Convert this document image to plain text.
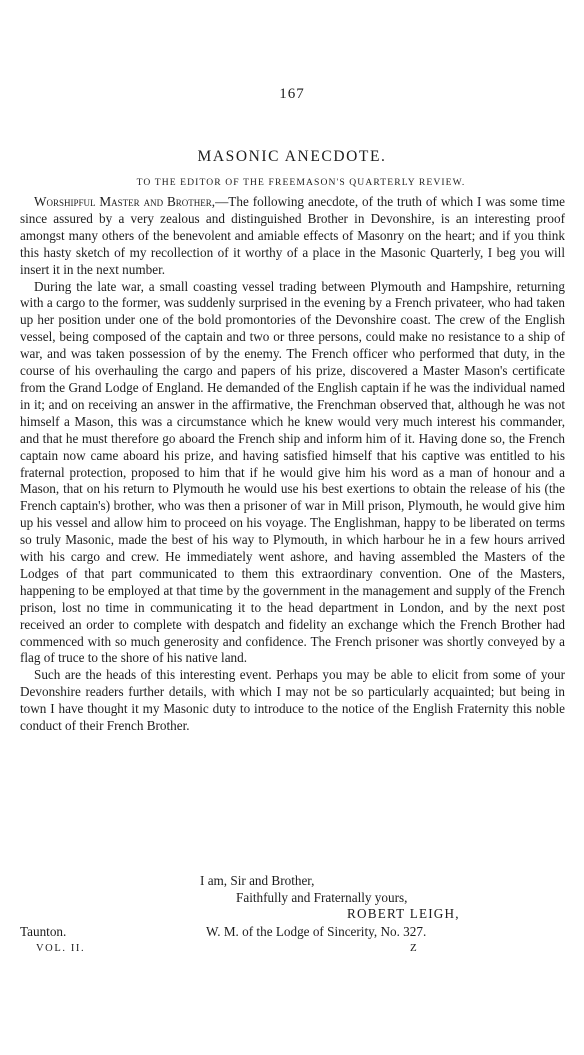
167
MASONIC ANECDOTE.
TO THE EDITOR OF THE FREEMASON'S QUARTERLY REVIEW.

Worshipful Master and Brother,—The following anecdote, of the truth of which I was some time since assured by a very zealous and distinguished Brother in Devonshire, is an interesting proof amongst many others of the benevolent and amiable effects of Masonry on the heart; and if you think this hasty sketch of my recollection of it worthy of a place in the Masonic Quarterly, I beg you will insert it in the next number.

During the late war, a small coasting vessel trading between Plymouth and Hampshire, returning with a cargo to the former, was suddenly surprised in the evening by a French privateer, who had taken up her position under one of the bold promontories of the Devonshire coast. The crew of the English vessel, being composed of the captain and two or three persons, could make no resistance to a ship of war, and was taken possession of by the enemy. The French officer who performed that duty, in the course of his overhauling the cargo and papers of his prize, discovered a Master Mason's certificate from the Grand Lodge of England. He demanded of the English captain if he was the individual named in it; and on receiving an answer in the affirmative, the Frenchman observed that, although he was not himself a Mason, this was a circumstance which he knew would very much interest his commander, and that he must therefore go aboard the French ship and inform him of it. Having done so, the French captain now came aboard his prize, and having satisfied himself that his captive was entitled to his fraternal protection, proposed to him that if he would give him his word as a man of honour and a Mason, that on his return to Plymouth he would use his best exertions to obtain the release of his (the French captain's) brother, who was then a prisoner of war in Mill prison, Plymouth, he would give him up his vessel and allow him to proceed on his voyage. The Englishman, happy to be liberated on terms so truly Masonic, made the best of his way to Plymouth, in which harbour he in a few hours arrived with his cargo and crew. He immediately went ashore, and having assembled the Masters of the Lodges of that part communicated to them this extraordinary convention. One of the Masters, happening to be employed at that time by the government in the management and supply of the French prison, lost no time in communicating it to the head department in London, and by the next post received an order to complete with despatch and fidelity an exchange which the French Brother had commenced with so much generosity and confidence. The French prisoner was shortly conveyed by a flag of truce to the shore of his native land.

Such are the heads of this interesting event. Perhaps you may be able to elicit from some of your Devonshire readers further details, with which I may not be so particularly acquainted; but being in town I have thought it my Masonic duty to introduce to the notice of the English Fraternity this noble conduct of their French Brother.

I am, Sir and Brother,
Faithfully and Fraternally yours,
ROBERT LEIGH,
Taunton.	W. M. of the Lodge of Sincerity, No. 327.
VOL. II.	Z
